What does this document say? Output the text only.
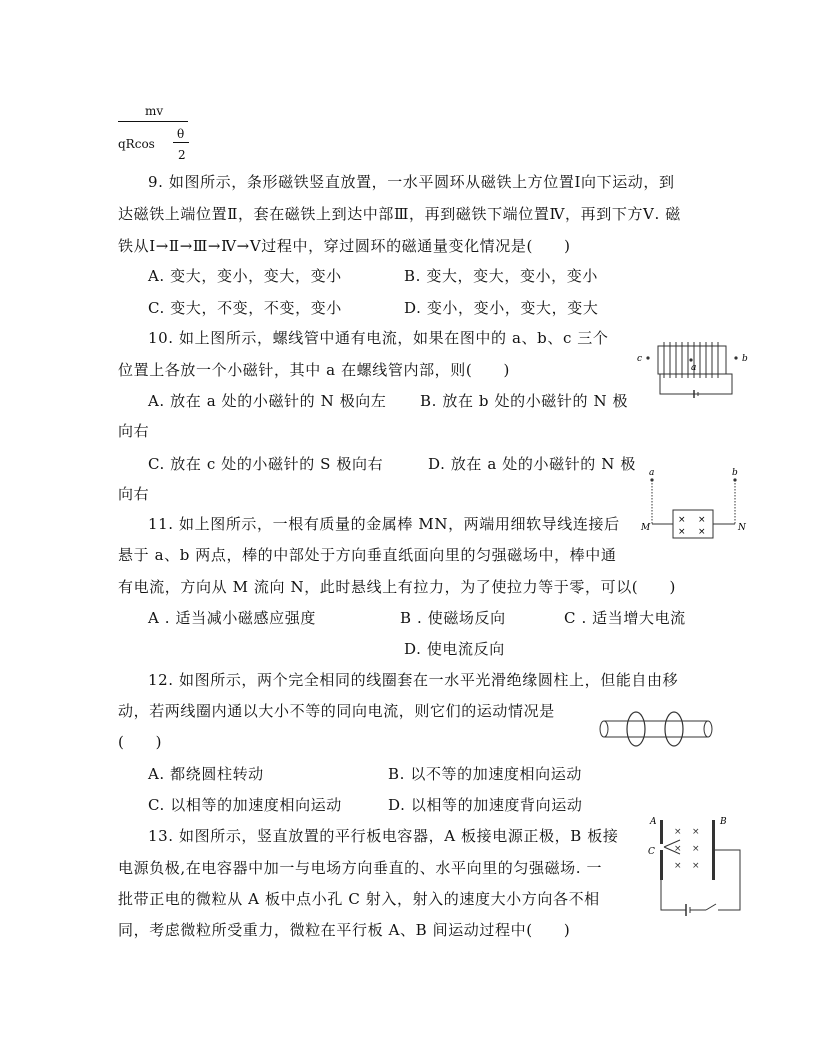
mv
qRcos
θ
2
9. 如图所示，条形磁铁竖直放置，一水平圆环从磁铁上方位置Ⅰ向下运动，到
达磁铁上端位置Ⅱ，套在磁铁上到达中部Ⅲ，再到磁铁下端位置Ⅳ，再到下方Ⅴ. 磁
铁从Ⅰ→Ⅱ→Ⅲ→Ⅳ→Ⅴ过程中，穿过圆环的磁通量变化情况是(　　)
A. 变大，变小，变大，变小	B. 变大，变大，变小，变小
C. 变大，不变，不变，变小	D. 变小，变小，变大，变大
10. 如上图所示，螺线管中通有电流，如果在图中的 a、b、c 三个
位置上各放一个小磁针，其中 a 在螺线管内部，则(　　)
A. 放在 a 处的小磁针的 N 极向左 B. 放在 b 处的小磁针的 N 极
向右
C. 放在 c 处的小磁针的 S 极向右	D. 放在 a 处的小磁针的 N 极
向右
c
a
b
11. 如上图所示，一根有质量的金属棒 MN，两端用细软导线连接后
悬于 a、b 两点，棒的中部处于方向垂直纸面向里的匀强磁场中，棒中通
有电流，方向从 M 流向 N，此时悬线上有拉力，为了使拉力等于零，可以(　　)
A . 适当减小磁感应强度	B . 使磁场反向	C . 适当增大电流
D. 使电流反向
a	b
× ×
× ×
M	N
12. 如图所示，两个完全相同的线圈套在一水平光滑绝缘圆柱上，但能自由移
动，若两线圈内通以大小不等的同向电流，则它们的运动情况是
(　　)
A. 都绕圆柱转动	B. 以不等的加速度相向运动
C. 以相等的加速度相向运动	D. 以相等的加速度背向运动
13. 如图所示，竖直放置的平行板电容器，A 板接电源正极，B 板接
电源负极,在电容器中加一与电场方向垂直的、水平向里的匀强磁场. 一
批带正电的微粒从 A 板中点小孔 C 射入，射入的速度大小方向各不相
同，考虑微粒所受重力，微粒在平行板 A、B 间运动过程中(　　)
A	B
C
× ×
× ×
× ×
